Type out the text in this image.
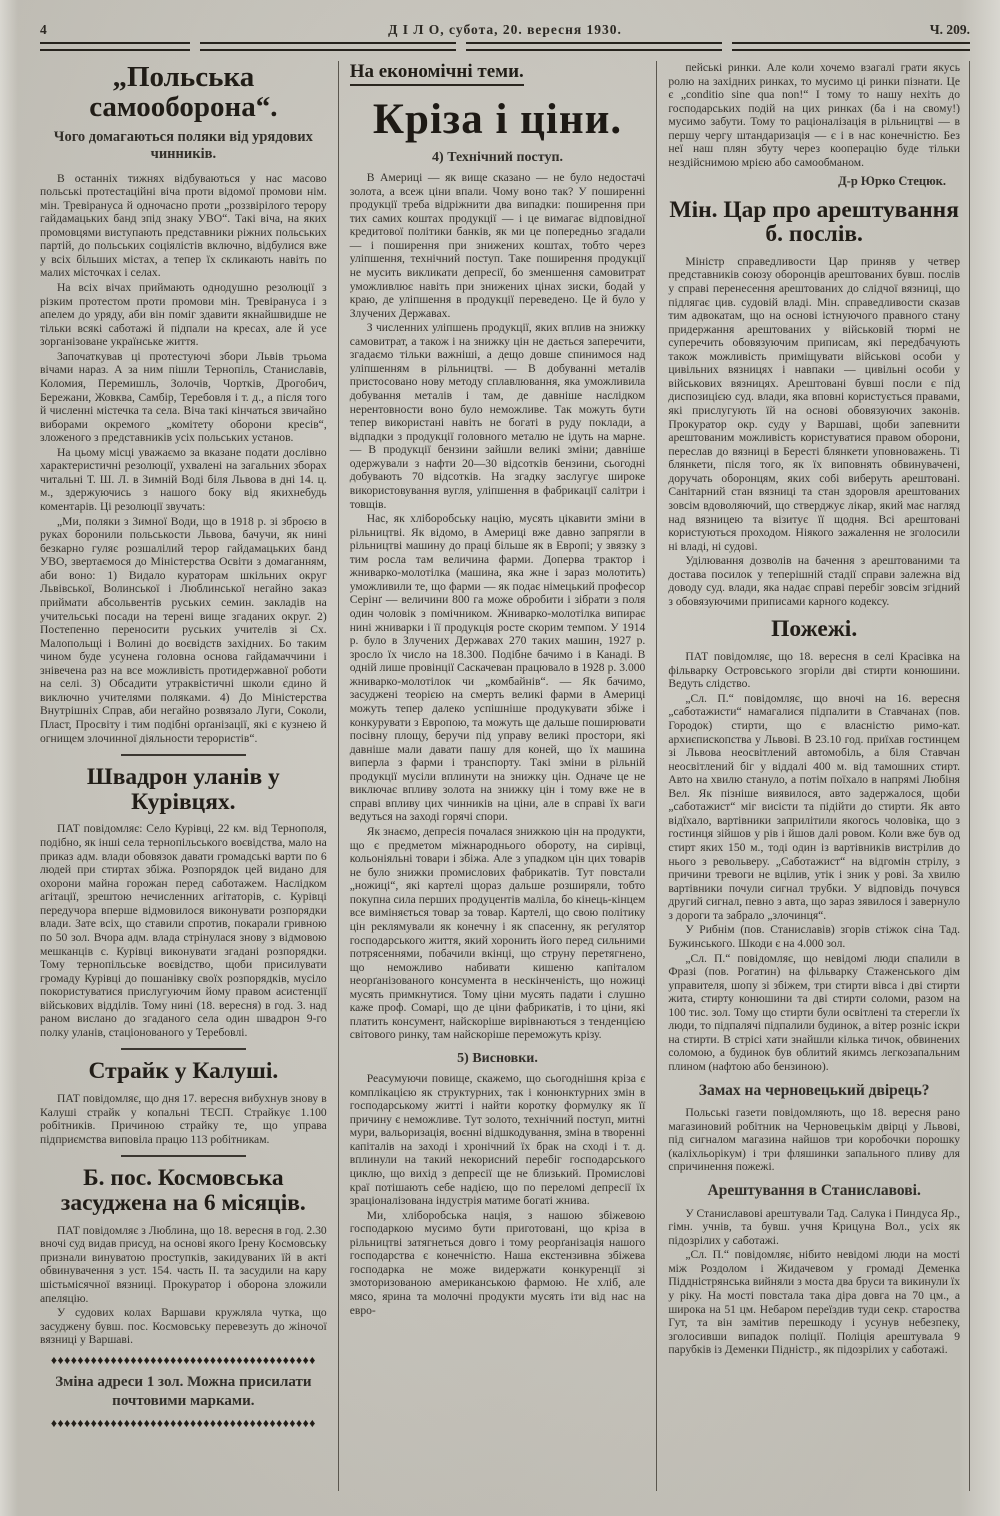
4	Д І Л О, субота, 20. вересня 1930.	Ч. 209.
„Польська самооборона“.
Чого домагаються поляки від урядових чинників.

В останніх тижнях відбуваються у нас масово польські протестаційні віча проти відомої промови нім. мін. Тревірануса й одночасно проти „роззвірілого терору гайдамацьких банд зпід знаку УВО“. Такі віча, на яких промовцями виступають представники ріжних польських партій, до польських соціялістів включно, відбулися вже у всіх більших містах, а тепер їх скликають навіть по малих місточках і селах.

На всіх вічах приймають однодушно резолюції з різким протестом проти промови мін. Тревірануса і з апелем до уряду, аби він поміг здавити якнайшвидше не тільки всякі саботажі й підпали на кресах, але й усе зорганізоване українське життя.

Започаткував ці протестуючі збори Львів трьома вічами нараз. А за ним пішли Тернопіль, Станиславів, Коломия, Перемишль, Золочів, Чортків, Дрогобич, Бережани, Жовква, Самбір, Теребовля і т. д., а після того й численні містечка та села. Віча такі кінчаться звичайно виборами окремого „комітету оборони кресів“, зложеного з представників усіх польських установ.

На цьому місці уважаємо за вказане подати дослівно характеристичні резолюції, ухвалені на загальних зборах читальні Т. Ш. Л. в Зимній Воді біля Львова в дні 14. ц. м., здержуючись з нашого боку від якихнебудь коментарів. Ці резолюції звучать:

„Ми, поляки з Зимної Води, що в 1918 р. зі зброєю в руках боронили польськости Львова, бачучи, як нині безкарно гуляє розшалілий терор гайдамацьких банд УВО, звертаємося до Міністерства Освіти з домаганням, аби воно: 1) Видало кураторам шкільних округ Львівської, Волинської і Люблинської негайно заказ приймати абсольвентів руських семин. закладів на учительські посади на терені вище згаданих округ. 2) Постепенно переносити руських учителів зі Сх. Малопольщі і Волині до воєвідств західних. Бо таким чином буде усунена головна основа гайдамаччини і знівечена раз на все можливість протидержавної роботи на селі. 3) Обсадити утраквістичні школи єдино й виключно учителями поляками. 4) До Міністерства Внутрішніх Справ, аби негайно розвязало Луги, Соколи, Пласт, Просвіту і тим подібні орґанізації, які є кузнею й огнищем злочинної діяльности терористів“.

Швадрон уланів у Курівцях.

ПАТ повідомляє: Село Курівці, 22 км. від Тернополя, подібно, як інші села тернопільського воєвідства, мало на приказ адм. влади обовязок давати громадські варти по 6 людей при стиртах збіжа. Розпорядок цей видано для охорони майна горожан перед саботажем. Наслідком агітації, зрештою нечисленних агітаторів, с. Курівці передучора вперше відмовилося виконувати розпорядки влади. Зате всіх, що ставили спротив, покарали гривною по 50 зол. Вчора адм. влада стрінулася знову з відмовою мешканців с. Курівці виконувати згадані розпорядки. Тому тернопільське воєвідство, щоби присилувати громаду Курівці до пошанівку своїх розпорядків, мусіло покористуватися прислугуючим йому правом асистенції військових відділів. Тому нині (18. вересня) в год. 3. над раном вислано до згаданого села один швадрон 9-го полку уланів, стаціонованого у Теребовлі.

Страйк у Калуші.

ПАТ повідомляє, що дня 17. вересня вибухнув знову в Калуші страйк у копальні ТЕСП. Страйкує 1.100 робітників. Причиною страйку те, що управа підприємства виповіла працю 113 робітникам.

Б. пос. Космовська засуджена на 6 місяців.

ПАТ повідомляє з Люблина, що 18. вересня в год. 2.30 вночі суд видав присуд, на основі якого Ірену Космовську признали винуватою проступків, закидуваних їй в акті обвинувачення з уст. 154. часть II. та засудили на кару шістьмісячної вязниці. Прокуратор і оборона зложили апеляцію.

У судових колах Варшави кружляла чутка, що засуджену бувш. пос. Космовську перевезуть до жіночої вязниці у Варшаві.

♦♦♦♦♦♦♦♦♦♦♦♦♦♦♦♦♦♦♦♦♦♦♦♦♦♦♦♦♦♦♦♦♦♦♦♦♦♦♦♦
Зміна адреси 1 зол. Можна присилати почтовими марками.
♦♦♦♦♦♦♦♦♦♦♦♦♦♦♦♦♦♦♦♦♦♦♦♦♦♦♦♦♦♦♦♦♦♦♦♦♦♦♦♦
На економічні теми.
Кріза і ціни.
4) Технічний поступ.

В Америці — як вище сказано — не було недостачі золота, а всеж ціни впали. Чому воно так? У поширенні продукції треба відріжнити два випадки: поширення при тих самих коштах продукції — і це вимагає відповідної кредитової політики банків, як ми це попередньо згадали — і поширення при знижених коштах, тобто через уліпшення, технічний поступ. Таке поширення продукції не мусить викликати депресії, бо зменшення самовитрат уможливлює навіть при знижених цінах зиски, бодай у краю, де уліпшення в продукції переведено. Це й було у Злучених Державах.

З численних уліпшень продукції, яких вплив на знижку самовитрат, а також і на знижку цін не дається заперечити, згадаємо тільки важніші, а дещо довше спинимося над уліпшенням в рільництві. — В добуванні металів пристосовано нову методу сплавлювання, яка уможливила добування металів і там, де давніше наслідком нерентовности воно було неможливе. Так можуть бути тепер використані навіть не богаті в руду поклади, а відпадки з продукції головного металю не ідуть на марне. — В продукції бензини зайшли великі зміни; давніше одержували з нафти 20—30 відсотків бензини, сьогодні добувають 70 відсотків. На згадку заслугує широке використовування вугля, уліпшення в фабрикації салітри і товщів.

Нас, як хліборобську націю, мусять цікавити зміни в рільництві. Як відомо, в Америці вже давно запрягли в рільництві машину до праці більше як в Европі; у звязку з тим росла там величина фарми. Доперва трактор і жниварко-молотілка (машина, яка жне і зараз молотить) уможливили те, що фарми — як подає німецький професор Серінґ — величини 800 га може обробити і зібрати з поля один чоловік з помічником. Жниварко-молотілка випирає нині жниварки і її продукція росте скорим темпом. У 1914 р. було в Злучених Державах 270 таких машин, 1927 р. зросло їх число на 18.300. Подібне бачимо і в Канаді. В одній лише провінції Саскачеван працювало в 1928 р. 3.000 жниварко-молотілок чи „комбайнів“. — Як бачимо, засуджені теорією на смерть великі фарми в Америці можуть тепер далеко успішніше продукувати збіже і конкурувати з Европою, та можуть ще дальше поширювати посівну площу, беручи під управу великі простори, які давніше мали давати пашу для коней, що їх машина виперла з фарми і транспорту. Такі зміни в рільній продукції мусіли вплинути на знижку цін. Одначе це не виключає впливу золота на знижку цін і тому вже не в справі впливу цих чинників на ціни, але в справі їх ваги ведуться на заході горячі спори.

Як знаємо, депресія почалася знижкою цін на продукти, що є предметом міжнароднього обороту, на сирівці, кольоніяльні товари і збіжа. Але з упадком цін цих товарів не було знижки промислових фабрикатів. Тут повстали „ножиці“, які картелі щораз дальше розширяли, тобто покупна сила перших продуцентів маліла, бо кінець-кінцем все виміняється товар за товар. Картелі, що свою політику цін реклямували як конечну і як спасенну, як реґулятор господарського життя, який хоронить його перед сильними потрясеннями, побачили вкінці, що струну перетягнено, що неможливо набивати кишеню капіталом неорґанізованого консумента в нескінченість, що ножиці мусять примкнутися. Тому ціни мусять падати і слушно каже проф. Сомарі, що де ціни фабрикатів, і то ціни, які платить консумент, найскоріше вирівнаються з тенденцією світового ринку, там найскоріше переможуть крізу.

5) Висновки.

Реасумуючи повище, скажемо, що сьогоднішня кріза є комплікацією як структурних, так і конюнктурних змін в господарському житті і найти коротку формулку як її причину є неможливе. Тут золото, технічний поступ, митні мури, вальоризація, воєнні відшкодування, зміна в творенні капіталів на заході і хронічний їх брак на сході і т. д. вплинули на такий некорисний перебіг господарського циклю, що вихід з депресії ще не близький. Промислові краї потішають себе надією, що по переломі депресії їх зраціоналізована індустрія матиме богаті жнива.

Ми, хліборобська нація, з нашою збіжевою господаркою мусимо бути приготовані, що кріза в рільництві затягнеться довго і тому реорґанізація нашого господарства є конечністю. Наша екстензивна збіжева господарка не може видержати конкуренції зі змоторизованою американською фармою. Не хліб, але мясо, ярина та молочні продукти мусять іти від нас на евро-

пейські ринки. Але коли хочемо взагалі грати якусь ролю на західних ринках, то мусимо ці ринки пізнати. Це є „conditio sine qua non!“ І тому то нашу нехіть до господарських подій на цих ринках (ба і на свому!) мусимо забути. Тому то раціоналізація в рільництві — в першу чергу штандаризація — є і в нас конечністю. Без неї наш плян збуту через кооперацію буде тільки нездійснимою мрією або самообманом.

Д-р Юрко Стецюк.
Мін. Цар про арештування б. послів.

Міністр справедливости Цар приняв у четвер представників союзу оборонців арештованих бувш. послів у справі перенесення арештованих до слідчої вязниці, що підлягає цив. судовій владі. Мін. справедливости сказав тим адвокатам, що на основі істнуючого правного стану придержання арештованих у військовій тюрмі не суперечить обовязуючим приписам, які передбачують також можливість приміщувати військові особи у цивільних вязницях і навпаки — цивільні особи у військових вязницях. Арештовані бувші посли є під диспозицією суд. влади, яка вповні користується правами, які прислугують їй на основі обовязуючих законів. Прокуратор окр. суду у Варшаві, щоби запевнити арештованим можливість користуватися правом оборони, переслав до вязниці в Бересті блянкети уповноважень. Ті блянкети, після того, як їх виповнять обвинувачені, доручать оборонцям, яких собі виберуть арештовані. Санітарний стан вязниці та стан здоровля арештованих зовсім вдоволяючий, що стверджує лікар, який має нагляд над вязницею та візитує її щодня. Всі арештовані користуються проходом. Ніякого зажалення не зголосили ні владі, ні судові.

Уділювання дозволів на бачення з арештованими та достава посилок у теперішній стадії справи залежна від доводу суд. влади, яка надає справі перебіг зовсім згідний з обовязуючими приписами карного кодексу.

Пожежі.

ПАТ повідомляє, що 18. вересня в селі Красівка на фільварку Островського згоріли дві стирти конюшини. Ведуть слідство.

„Сл. П.“ повідомляє, що вночі на 16. вересня „саботажисти“ намагалися підпалити в Ставчанах (пов. Городок) стирти, що є власністю римо-кат. архиєпископства у Львові. В 23.10 год. приїхав гостинцем зі Львова неосвітлений автомобіль, а біля Ставчан неосвітлений біг у віддалі 400 м. від тамошних стирт. Авто на хвилю стануло, а потім поїхало в напрямі Любіня Вел. Як пізніше виявилося, авто задержалося, щоби „саботажист“ міг висісти та підійти до стирти. Як авто відїхало, вартівники заприлітили якогось чоловіка, що з гостинця зійшов у рів і йшов далі ровом. Коли вже був од стирт яких 150 м., тоді один із вартівників вистрілив до нього з револьверу. „Саботажист“ на відгомін стрілу, з причини тревоги не вцілив, утік і зник у рові. За хвилю вартівники почули сигнал трубки. У відповідь почувся другий сигнал, певно з авта, що зараз зявилося і завернуло з дороги та забрало „злочинця“.

У Рибнім (пов. Станиславів) згорів стіжок сіна Тад. Бужинського. Шкоди є на 4.000 зол.

„Сл. П.“ повідомляє, що невідомі люди спалили в Фразі (пов. Рогатин) на фільварку Стаженського дім управителя, шопу зі збіжем, три стирти вівса і дві стирти жита, стирту конюшини та дві стирти соломи, разом на 100 тис. зол. Тому що стирти були освітлені та стерегли їх люди, то підпалячі підпалили будинок, а вітер розніс іскри на стирти. В стрісі хати знайшли кілька тичок, обвинених соломою, а будинок був облитий якимсь легкозапальним плином (нафтою або бензиною).

Замах на черновецький двірець?

Польські газети повідомляють, що 18. вересня рано магазиновий робітник на Черновецькім двірці у Львові, під сигналом магазина найшов три коробочки порошку (каліхльорікум) і три фляшинки запального пливу для спричинення пожежі.

Арештування в Станиславові.

У Станиславові арештували Тад. Салука і Пиндуса Яр., гімн. учнів, та бувш. учня Крицуна Вол., усіх як підозрілих у саботажі.

„Сл. П.“ повідомляє, нібито невідомі люди на мості між Роздолом і Жидачевом у громаді Деменка Піддністрянська вийняли з моста два бруси та викинули їх у ріку. На мості повстала така діра довга на 70 цм., а широка на 51 цм. Небаром переїздив туди секр. староства Гут, та він замітив перешкоду і усунув небезпеку, зголосивши випадок поліції. Поліція арештувала 9 парубків із Деменки Підністр., як підозрілих у саботажі.
